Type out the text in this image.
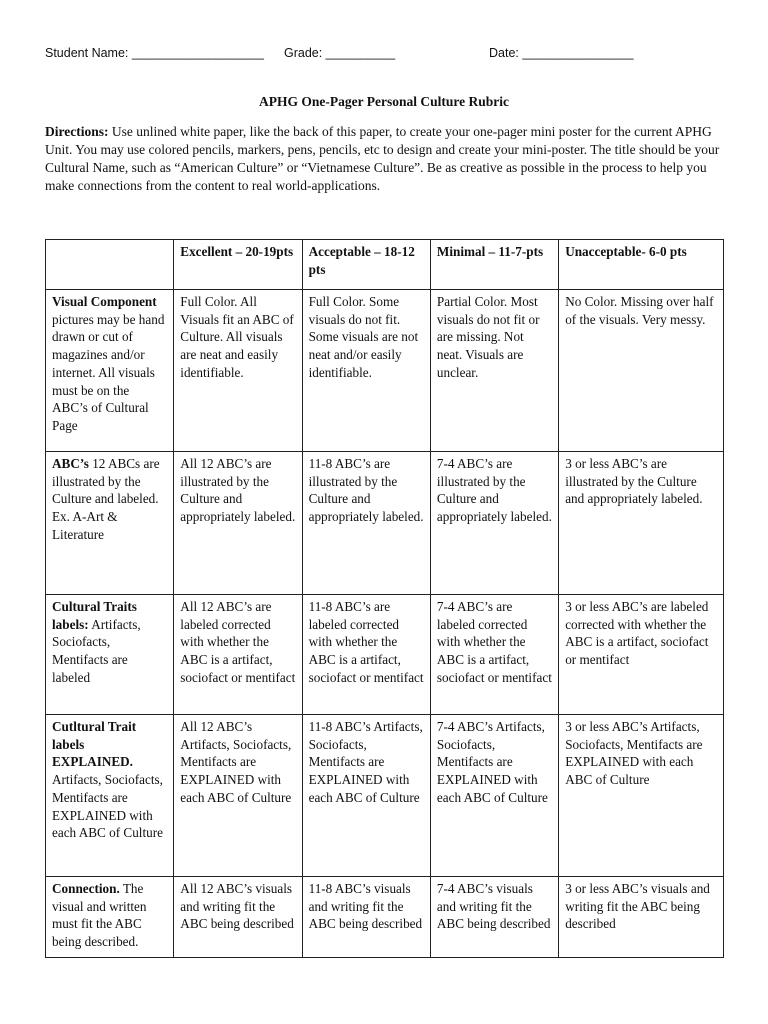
Student Name: ___________________ Grade: __________	Date: ________________
APHG One-Pager Personal Culture Rubric
Directions: Use unlined white paper, like the back of this paper, to create your one-pager mini poster for the current APHG Unit. You may use colored pencils, markers, pens, pencils, etc to design and create your mini-poster. The title should be your Cultural Name, such as “American Culture” or “Vietnamese Culture”. Be as creative as possible in the process to help you make connections from the content to real world-applications.
	Excellent – 20-19pts	Acceptable – 18-12 pts	Minimal – 11-7-pts	Unacceptable- 6-0 pts
Visual Component pictures may be hand drawn or cut of magazines and/or internet. All visuals must be on the ABC’s of Cultural Page	Full Color. All Visuals fit an ABC of Culture. All visuals are neat and easily identifiable.	Full Color. Some visuals do not fit. Some visuals are not neat and/or easily identifiable.	Partial Color. Most visuals do not fit or are missing. Not neat. Visuals are unclear.	No Color. Missing over half of the visuals. Very messy.
ABC’s 12 ABCs are illustrated by the Culture and labeled. Ex. A-Art & Literature	All 12 ABC’s are illustrated by the Culture and appropriately labeled.	11-8 ABC’s are illustrated by the Culture and appropriately labeled.	7-4 ABC’s are illustrated by the Culture and appropriately labeled.	3 or less ABC’s are illustrated by the Culture and appropriately labeled.
Cultural Traits labels: Artifacts, Sociofacts, Mentifacts are labeled	All 12 ABC’s are labeled corrected with whether the ABC is a artifact, sociofact or mentifact	11-8 ABC’s are labeled corrected with whether the ABC is a artifact, sociofact or mentifact	7-4 ABC’s are labeled corrected with whether the ABC is a artifact, sociofact or mentifact	3 or less ABC’s are labeled corrected with whether the ABC is a artifact, sociofact or mentifact
Cutltural Trait labels EXPLAINED. Artifacts, Sociofacts, Mentifacts are EXPLAINED with each ABC of Culture	All 12 ABC’s Artifacts, Sociofacts, Mentifacts are EXPLAINED with each ABC of Culture	11-8 ABC’s Artifacts, Sociofacts, Mentifacts are EXPLAINED with each ABC of Culture	7-4 ABC’s Artifacts, Sociofacts, Mentifacts are EXPLAINED with each ABC of Culture	3 or less ABC’s Artifacts, Sociofacts, Mentifacts are EXPLAINED with each ABC of Culture
Connection. The visual and written must fit the ABC being described.	All 12 ABC’s visuals and writing fit the ABC being described	11-8 ABC’s visuals and writing fit the ABC being described	7-4 ABC’s visuals and writing fit the ABC being described	3 or less ABC’s visuals and writing fit the ABC being described
